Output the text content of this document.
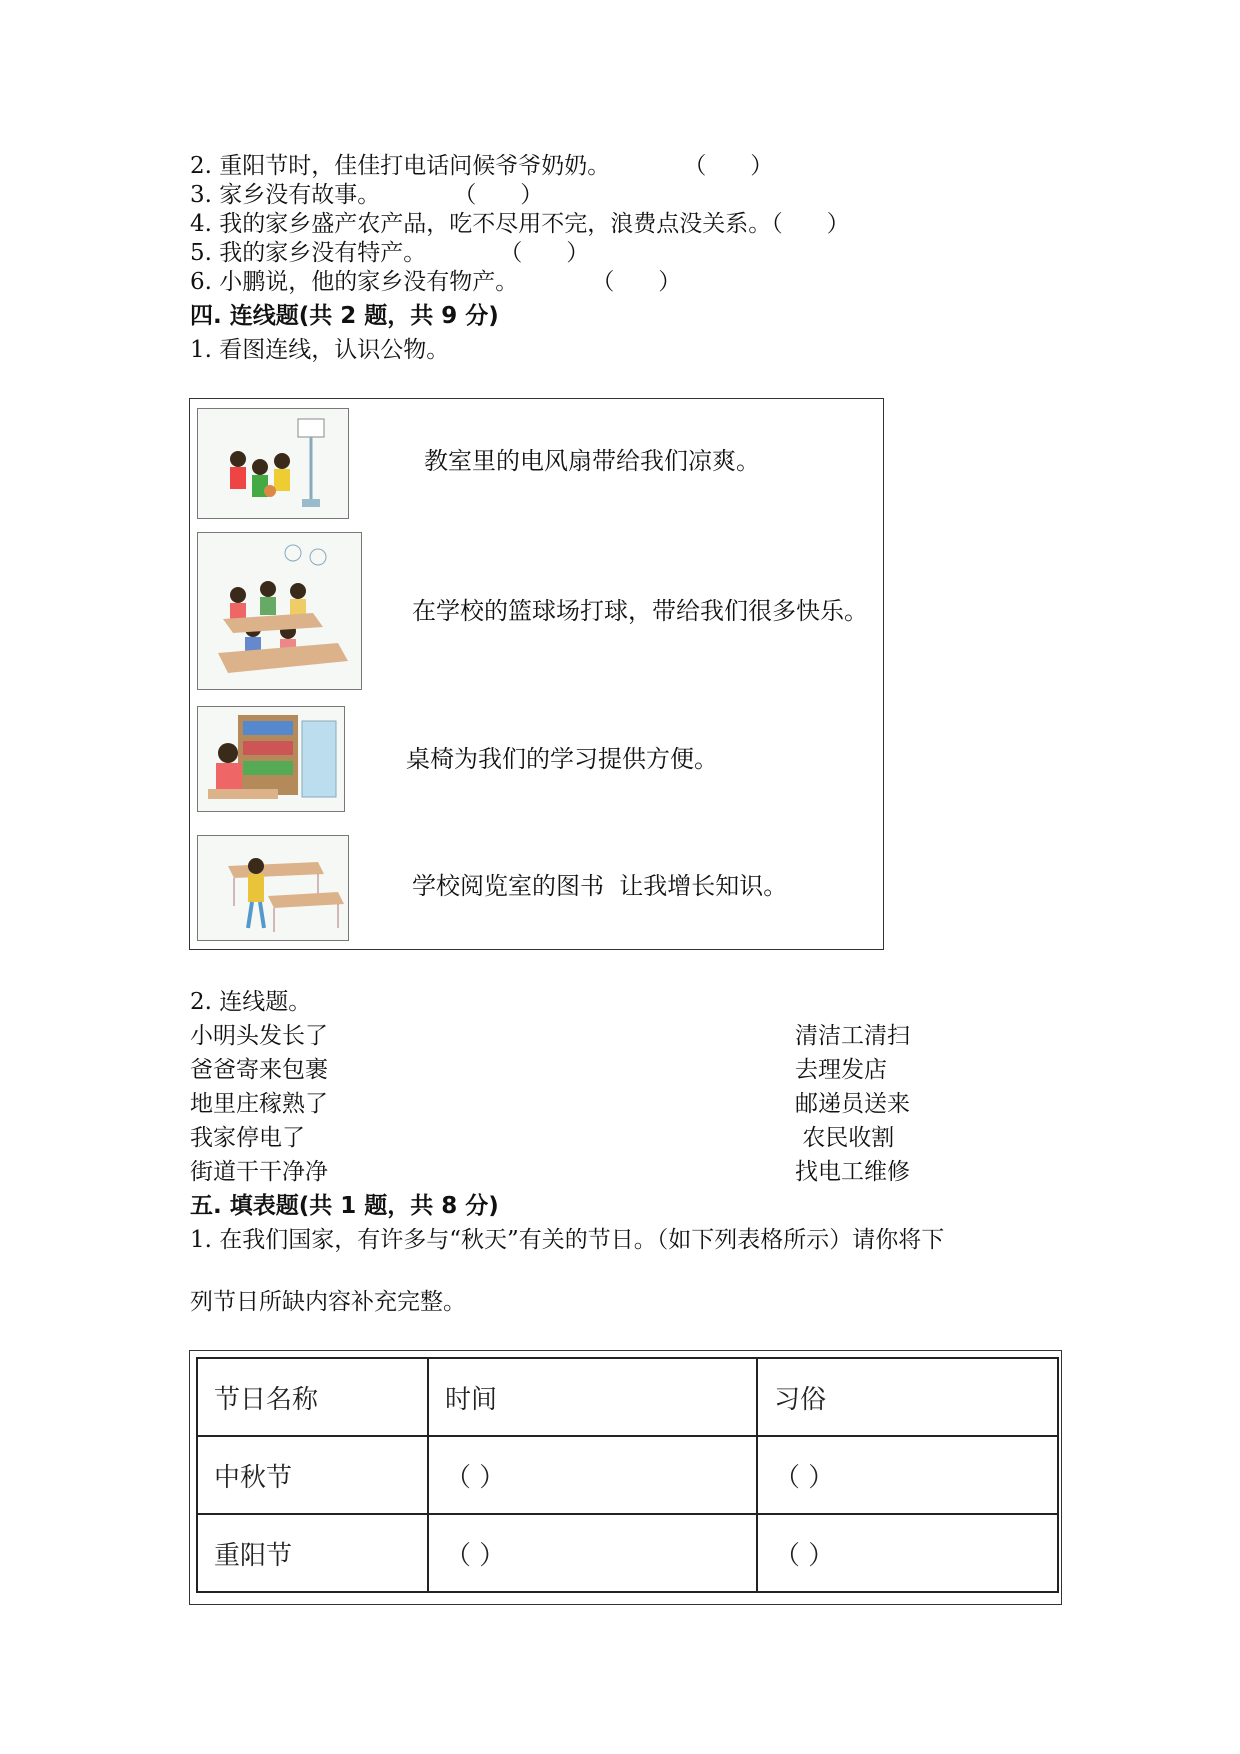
2. 重阳节时，佳佳打电话问候爷爷奶奶。          （      ）
3. 家乡没有故事。          （      ）
4. 我的家乡盛产农产品，吃不尽用不完，浪费点没关系。（      ）
5. 我的家乡没有特产。          （      ）
6. 小鹏说，他的家乡没有物产。          （      ）
四. 连线题(共 2 题，共 9 分)
1. 看图连线，认识公物。
教室里的电风扇带给我们凉爽。
在学校的篮球场打球，带给我们很多快乐。
桌椅为我们的学习提供方便。
学校阅览室的图书  让我增长知识。
2. 连线题。
小明头发长了
爸爸寄来包裹
地里庄稼熟了
我家停电了
街道干干净净
清洁工清扫
去理发店
邮递员送来
农民收割
找电工维修
五. 填表题(共 1 题，共 8 分)
1. 在我们国家，有许多与“秋天”有关的节日。（如下列表格所示）请你将下
列节日所缺内容补充完整。
节日名称	时间	习俗
中秋节	（ ）	（ ）
重阳节	（ ）	（ ）
